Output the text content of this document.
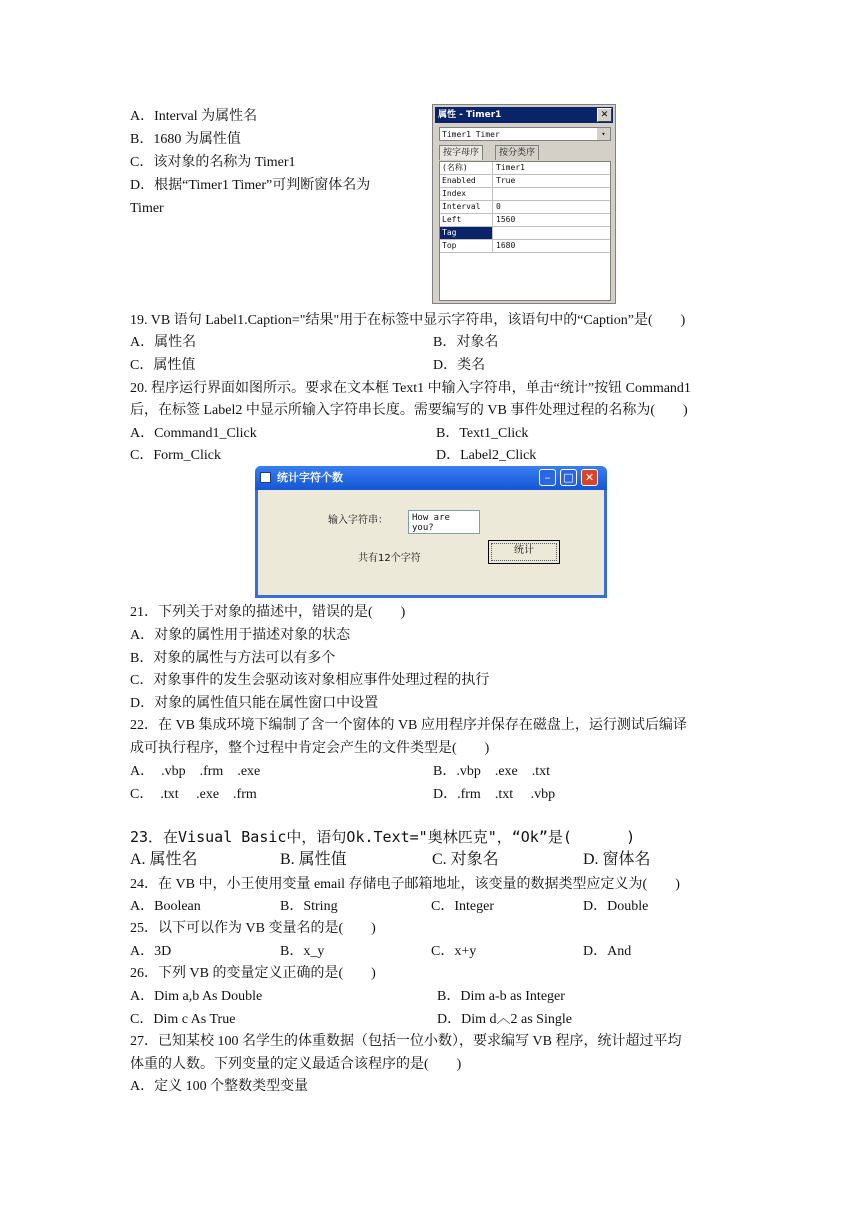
A．Interval 为属性名
B．1680 为属性值
C．该对象的名称为 Timer1
D．根据“Timer1 Timer”可判断窗体名为
Timer
属性 - Timer1	✕
Timer1 Timer	▾
按字母序	按分类序
(名称)	Timer1
Enabled	True
Index
Interval	0
Left	1560
Tag
Top	1680
19. VB 语句 Label1.Caption="结果"用于在标签中显示字符串，该语句中的“Caption”是(        )
A．属性名	B．对象名
C．属性值	D．类名
20. 程序运行界面如图所示。要求在文本框 Text1 中输入字符串，单击“统计”按钮 Command1
后，在标签 Label2 中显示所输入字符串长度。需要编写的 VB 事件处理过程的名称为(        )
A．Command1_Click	B．Text1_Click
C．Form_Click	D．Label2_Click
统计字符个数	–	□	✕
输入字符串：	How are you?
共有12个字符
统计
21．下列关于对象的描述中，错误的是(        )
A．对象的属性用于描述对象的状态
B．对象的属性与方法可以有多个
C．对象事件的发生会驱动该对象相应事件处理过程的执行
D．对象的属性值只能在属性窗口中设置
22．在 VB 集成环境下编制了含一个窗体的 VB 应用程序并保存在磁盘上，运行测试后编译
成可执行程序，整个过程中肯定会产生的文件类型是(        )
A．  .vbp    .frm    .exe	B．.vbp    .exe    .txt
C．  .txt     .exe    .frm	D．.frm    .txt     .vbp
23．在Visual Basic中，语句Ok.Text="奥林匹克"，“Ok”是(      )
A. 属性名	B. 属性值	C. 对象名	D. 窗体名
24．在 VB 中，小王使用变量 email 存储电子邮箱地址，该变量的数据类型应定义为(        )
A．Boolean	B．String	C．Integer	D．Double
25．以下可以作为 VB 变量名的是(        )
A．3D	B．x_y	C．x+y	D．And
26．下列 VB 的变量定义正确的是(        )
A．Dim a,b As Double	B．Dim a-b as Integer
C．Dim c As True	D．Dim d︿2 as Single
27．已知某校 100 名学生的体重数据（包括一位小数），要求编写 VB 程序，统计超过平均
体重的人数。下列变量的定义最适合该程序的是(        )
A．定义 100 个整数类型变量
